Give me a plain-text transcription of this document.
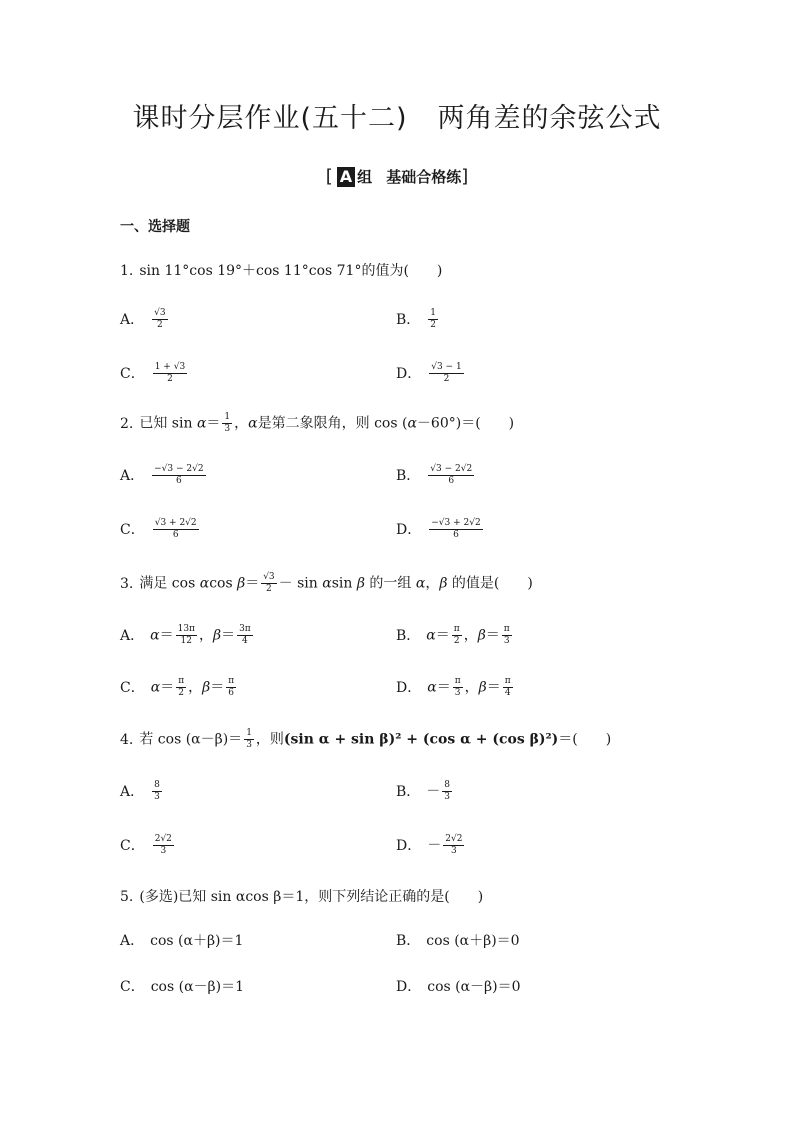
课时分层作业(五十二) 两角差的余弦公式
[ A 组 基础合格练]
一、选择题
1. sin 11°cos 19°＋cos 11°cos 71°的值为( )
A． $\frac{√3}{2}$	B． $\frac{1}{2}$
C． $\frac{1 + √3}{2}$	D． $\frac{√3 - 1}{2}$
2. 已知 $\sin \alpha= \frac{1}{3}$ ，α是第二象限角，则 cos (α－60°)＝( )
A． $\frac{-√3 - 2√2}{6}$	B． $\frac{√3 - 2√2}{6}$
C． $\frac{√3 + 2√2}{6}$	D． $\frac{-√3 + 2√2}{6}$
3. 满足 cos αcos $\beta= \frac{√3}{2} - \sin \alpha\sin$ β 的一组 α，β 的值是( )
A． $\alpha= \frac{13\pi}{12}$ ，$\beta= \frac{3\pi}{4}$	B． $\alpha= \frac{\pi}{2}$ ，$\beta= \frac{\pi}{3}$
C． $\alpha= \frac{\pi}{2}$ ，$\beta= \frac{\pi}{6}$	D． $\alpha= \frac{\pi}{3}$ ，$\beta= \frac{\pi}{4}$
4. 若 $\cos (\alpha-\beta)= \frac{1}{3}$ ，则(sin α + sin β)² + (cos α + (cos β)²)＝( )
A． $\frac{8}{3}$	B． － $\frac{8}{3}$
C． $\frac{2√2}{3}$	D． － $\frac{2√2}{3}$
5. (多选)已知 sin αcos β＝1，则下列结论正确的是( )
A． cos (α＋β)＝1	B． cos (α＋β)＝0
C． cos (α－β)＝1	D． cos (α－β)＝0
